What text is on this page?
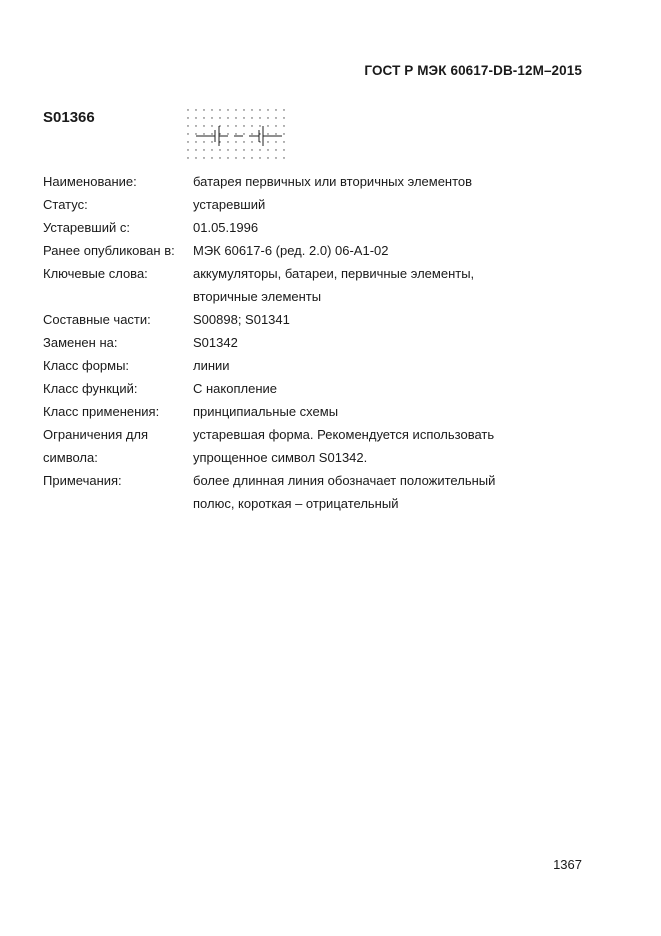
ГОСТ Р МЭК 60617-DB-12M–2015
S01366
Наименование:	батарея первичных или вторичных элементов
Статус:	устаревший
Устаревший с:	01.05.1996
Ранее опубликован в:	МЭК 60617-6 (ред. 2.0) 06-A1-02
Ключевые слова:	аккумуляторы, батареи, первичные элементы,
вторичные элементы
Составные части:	S00898; S01341
Заменен на:	S01342
Класс формы:	линии
Класс функций:	С накопление
Класс применения:	принципиальные схемы
Ограничения для	устаревшая форма. Рекомендуется использовать
символа:	упрощенное символ S01342.
Примечания:	более длинная линия обозначает положительный
полюс, короткая – отрицательный
1367
